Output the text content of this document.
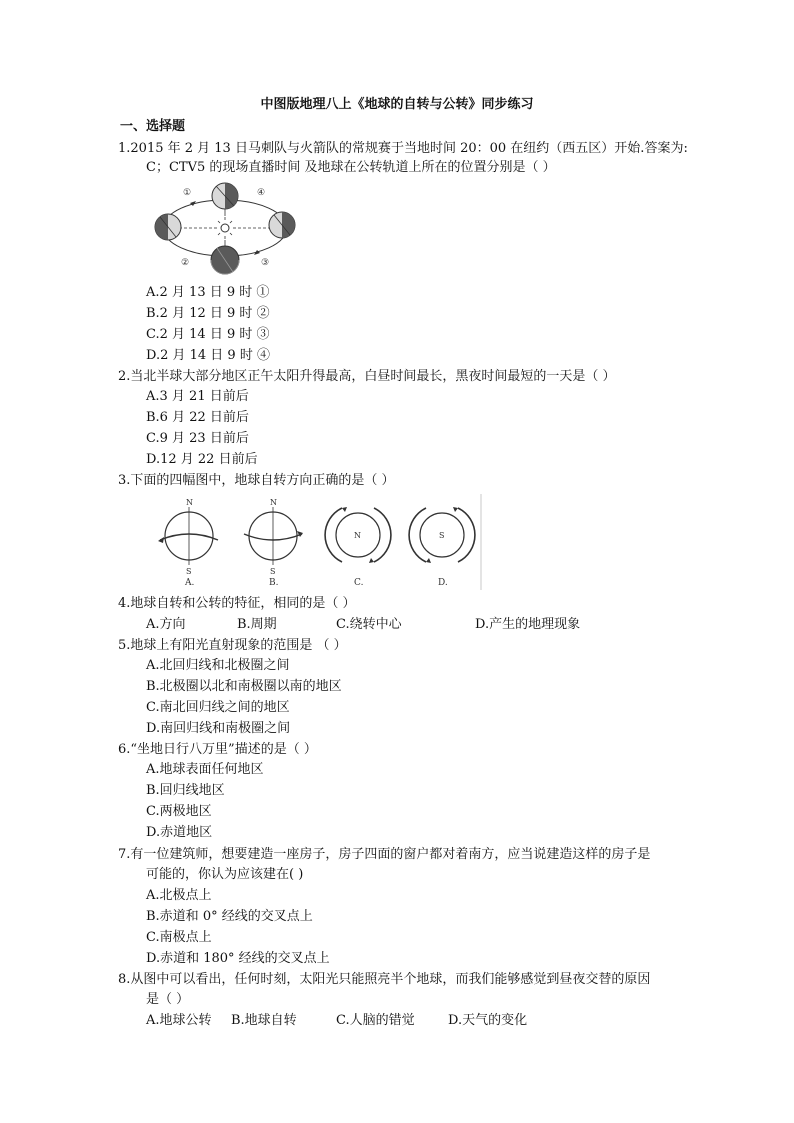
中图版地理八上《地球的自转与公转》同步练习
一、选择题
1.2015 年 2 月 13 日马刺队与火箭队的常规赛于当地时间 20：00 在纽约（西五区）开始.答案为:
C；CTV5 的现场直播时间 及地球在公转轨道上所在的位置分别是（ ）
①
②	③
④
A.2 月 13 日 9 时 ①
B.2 月 12 日 9 时 ②
C.2 月 14 日 9 时 ③
D.2 月 14 日 9 时 ④
2.当北半球大部分地区正午太阳升得最高，白昼时间最长，黑夜时间最短的一天是（ ）
A.3 月 21 日前后
B.6 月 22 日前后
C.9 月 23 日前后
D.12 月 22 日前后
3.下面的四幅图中，地球自转方向正确的是（ ）
N
S
A.
N
S
B.
N
C.
S
D.
4.地球自转和公转的特征，相同的是（ ）
A.方向	B.周期	C.绕转中心	D.产生的地理现象
5.地球上有阳光直射现象的范围是 （ ）
A.北回归线和北极圈之间
B.北极圈以北和南极圈以南的地区
C.南北回归线之间的地区
D.南回归线和南极圈之间
6.“坐地日行八万里”描述的是（ ）
A.地球表面任何地区
B.回归线地区
C.两极地区
D.赤道地区
7.有一位建筑师，想要建造一座房子，房子四面的窗户都对着南方，应当说建造这样的房子是
可能的，你认为应该建在( )
A.北极点上
B.赤道和 0° 经线的交叉点上
C.南极点上
D.赤道和 180° 经线的交叉点上
8.从图中可以看出，任何时刻，太阳光只能照亮半个地球，而我们能够感觉到昼夜交替的原因
是（ ）
A.地球公转 B.地球自转	C.人脑的错觉	D.天气的变化
